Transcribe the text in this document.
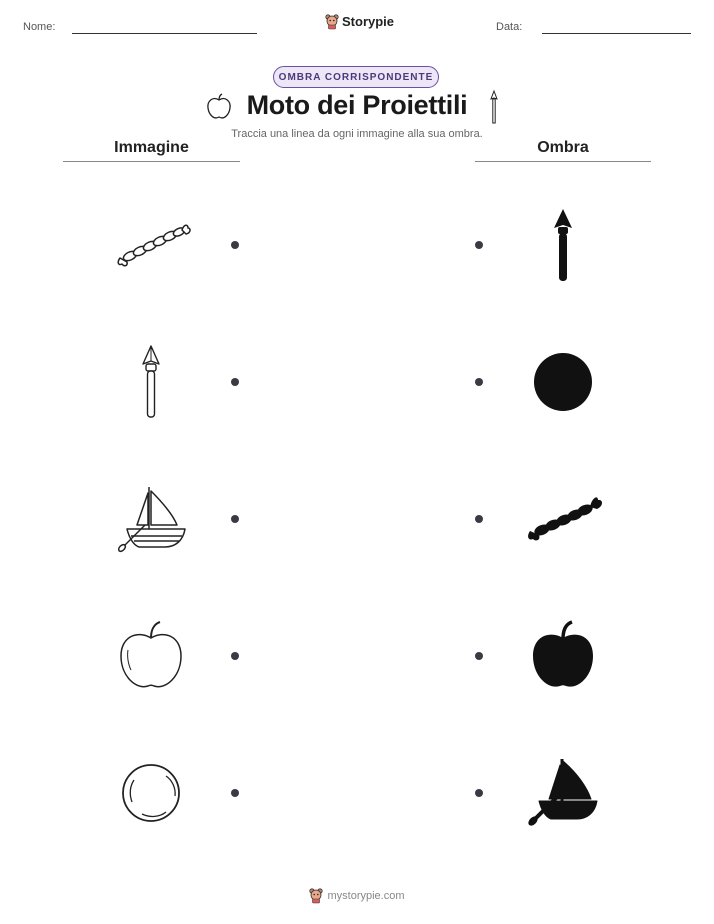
Nome:	Storypie	Data:
OMBRA CORRISPONDENTE
Moto dei Proiettili
Traccia una linea da ogni immagine alla sua ombra.
Immagine	Ombra
mystorypie.com
